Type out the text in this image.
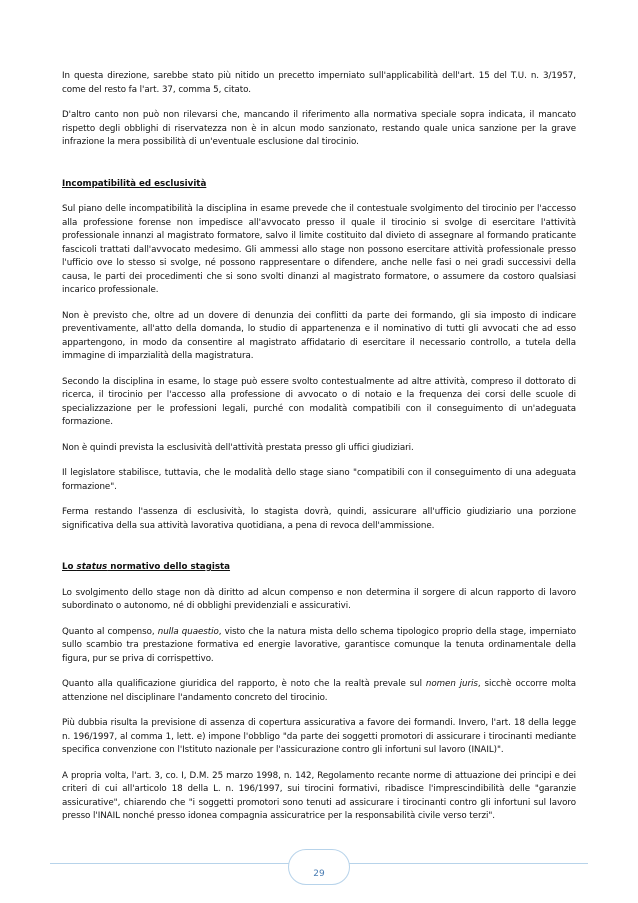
In questa direzione, sarebbe stato più nitido un precetto imperniato sull'applicabilità dell'art. 15 del T.U. n. 3/1957, come del resto fa l'art. 37, comma 5, citato.

D'altro canto non può non rilevarsi che, mancando il riferimento alla normativa speciale sopra indicata, il mancato rispetto degli obblighi di riservatezza non è in alcun modo sanzionato, restando quale unica sanzione per la grave infrazione la mera possibilità di un'eventuale esclusione dal tirocinio.

Incompatibilità ed esclusività

Sul piano delle incompatibilità la disciplina in esame prevede che il contestuale svolgimento del tirocinio per l'accesso alla professione forense non impedisce all'avvocato presso il quale il tirocinio si svolge di esercitare l'attività professionale innanzi al magistrato formatore, salvo il limite costituito dal divieto di assegnare al formando praticante fascicoli trattati dall'avvocato medesimo. Gli ammessi allo stage non possono esercitare attività professionale presso l'ufficio ove lo stesso si svolge, né possono rappresentare o difendere, anche nelle fasi o nei gradi successivi della causa, le parti dei procedimenti che si sono svolti dinanzi al magistrato formatore, o assumere da costoro qualsiasi incarico professionale.

Non è previsto che, oltre ad un dovere di denunzia dei conflitti da parte dei formando, gli sia imposto di indicare preventivamente, all'atto della domanda, lo studio di appartenenza e il nominativo di tutti gli avvocati che ad esso appartengono, in modo da consentire al magistrato affidatario di esercitare il necessario controllo, a tutela della immagine di imparzialità della magistratura.

Secondo la disciplina in esame, lo stage può essere svolto contestualmente ad altre attività, compreso il dottorato di ricerca, il tirocinio per l'accesso alla professione di avvocato o di notaio e la frequenza dei corsi delle scuole di specializzazione per le professioni legali, purché con modalità compatibili con il conseguimento di un'adeguata formazione.

Non è quindi prevista la esclusività dell'attività prestata presso gli uffici giudiziari.

Il legislatore stabilisce, tuttavia, che le modalità dello stage siano "compatibili con il conseguimento di una adeguata formazione".

Ferma restando l'assenza di esclusività, lo stagista dovrà, quindi, assicurare all'ufficio giudiziario una porzione significativa della sua attività lavorativa quotidiana, a pena di revoca dell'ammissione.

Lo status normativo dello stagista

Lo svolgimento dello stage non dà diritto ad alcun compenso e non determina il sorgere di alcun rapporto di lavoro subordinato o autonomo, né di obblighi previdenziali e assicurativi.

Quanto al compenso, nulla quaestio, visto che la natura mista dello schema tipologico proprio della stage, imperniato sullo scambio tra prestazione formativa ed energie lavorative, garantisce comunque la tenuta ordinamentale della figura, pur se priva di corrispettivo.

Quanto alla qualificazione giuridica del rapporto, è noto che la realtà prevale sul nomen juris, sicchè occorre molta attenzione nel disciplinare l'andamento concreto del tirocinio.

Più dubbia risulta la previsione di assenza di copertura assicurativa a favore dei formandi. Invero, l'art. 18 della legge n. 196/1997, al comma 1, lett. e) impone l'obbligo "da parte dei soggetti promotori di assicurare i tirocinanti mediante specifica convenzione con l'Istituto nazionale per l'assicurazione contro gli infortuni sul lavoro (INAIL)".

A propria volta, l'art. 3, co. I, D.M. 25 marzo 1998, n. 142, Regolamento recante norme di attuazione dei principi e dei criteri di cui all'articolo 18 della L. n. 196/1997, sui tirocini formativi, ribadisce l'imprescindibilità delle "garanzie assicurative", chiarendo che "i soggetti promotori sono tenuti ad assicurare i tirocinanti contro gli infortuni sul lavoro presso l'INAIL nonché presso idonea compagnia assicuratrice per la responsabilità civile verso terzi".

29
